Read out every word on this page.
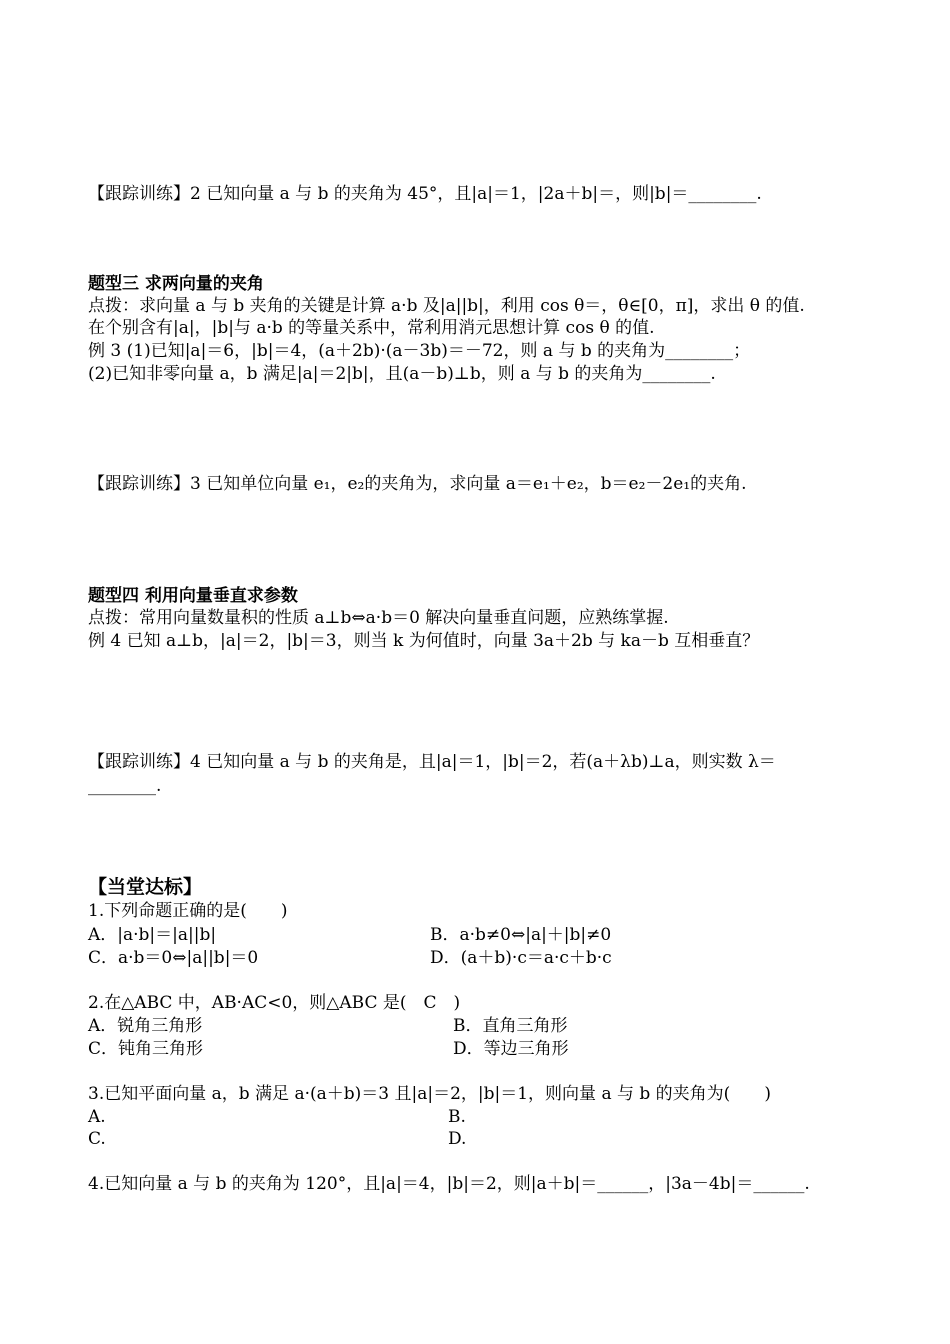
【跟踪训练】2 已知向量 a 与 b 的夹角为 45°，且|a|＝1，|2a＋b|＝，则|b|＝________.
题型三 求两向量的夹角
点拨：求向量 a 与 b 夹角的关键是计算 a·b 及|a||b|，利用 cos θ＝，θ∈[0，π]，求出 θ 的值.
在个别含有|a|，|b|与 a·b 的等量关系中，常利用消元思想计算 cos θ 的值.
例 3 (1)已知|a|＝6，|b|＝4，(a＋2b)·(a－3b)＝－72，则 a 与 b 的夹角为________；
(2)已知非零向量 a，b 满足|a|＝2|b|，且(a－b)⊥b，则 a 与 b 的夹角为________.
【跟踪训练】3 已知单位向量 e₁，e₂的夹角为，求向量 a＝e₁＋e₂，b＝e₂－2e₁的夹角.
题型四 利用向量垂直求参数
点拨：常用向量数量积的性质 a⊥b⇔a·b＝0 解决向量垂直问题，应熟练掌握.
例 4 已知 a⊥b，|a|＝2，|b|＝3，则当 k 为何值时，向量 3a＋2b 与 ka－b 互相垂直？
【跟踪训练】4 已知向量 a 与 b 的夹角是，且|a|＝1，|b|＝2，若(a＋λb)⊥a，则实数 λ＝
________.
【当堂达标】
1.下列命题正确的是(　　)
A．|a·b|＝|a||b|	B．a·b≠0⇔|a|＋|b|≠0
C．a·b＝0⇔|a||b|＝0	D．(a＋b)·c＝a·c＋b·c
2.在△ABC 中，AB·AC<0，则△ABC 是(　C　)
A．锐角三角形	B．直角三角形
C．钝角三角形	D．等边三角形
3.已知平面向量 a，b 满足 a·(a＋b)＝3 且|a|＝2，|b|＝1，则向量 a 与 b 的夹角为(　　)
A.	B.
C.	D.
4.已知向量 a 与 b 的夹角为 120°，且|a|＝4，|b|＝2，则|a＋b|＝______，|3a－4b|＝______.
